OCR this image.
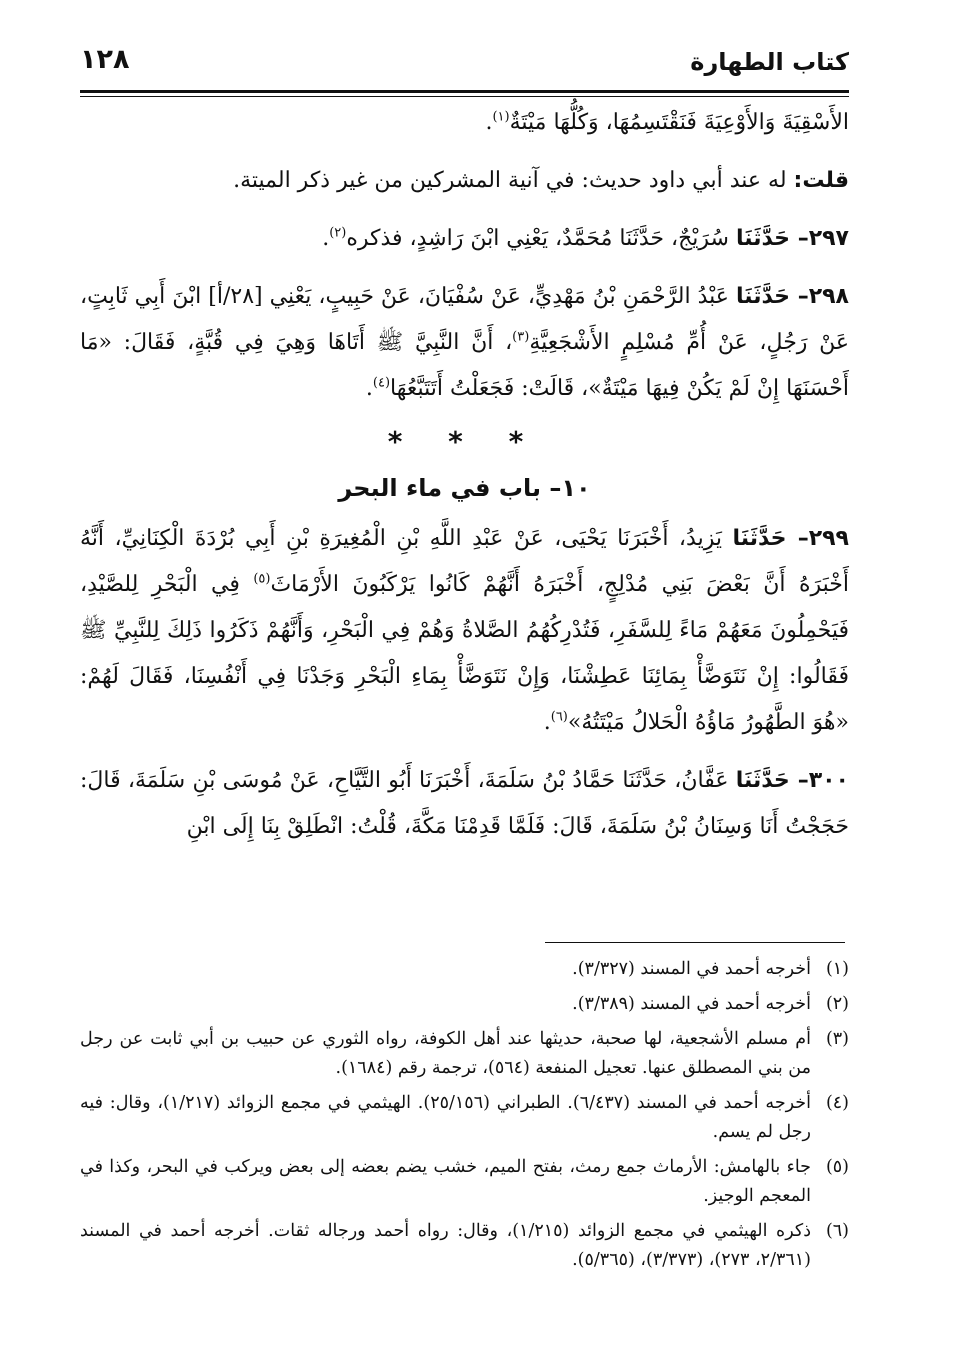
كتاب الطهارة
١٢٨

الأَسْقِيَةَ وَالأَوْعِيَةَ فَنَقْتَسِمُهَا، وَكُلُّهَا مَيْتَةٌ$^{(١)}$.

قلت: له عند أبي داود حديث: في آنية المشركين من غير ذكر الميتة.

٢٩٧– حَدَّثَنَا سُرَيْجٌ، حَدَّثَنَا مُحَمَّدٌ، يَعْنِي ابْنَ رَاشِدٍ، فذكره$^{(٢)}$.

٢٩٨– حَدَّثَنَا عَبْدُ الرَّحْمَنِ بْنُ مَهْدِيٍّ، عَنْ سُفْيَانَ، عَنْ حَبِيبٍ، يَعْنِي [٢٨/أ] ابْنَ أَبِي ثَابِتٍ، عَنْ رَجُلٍ، عَنْ أُمِّ مُسْلِمٍ الأَشْجَعِيَّةِ$^{(٣)}$، أَنَّ النَّبِيَّ ﷺ أَتَاهَا وَهِيَ فِي قُبَّةٍ، فَقَالَ: «مَا أَحْسَنَهَا إِنْ لَمْ يَكُنْ فِيهَا مَيْتَةٌ»، قَالَتْ: فَجَعَلْتُ أَتَتَبَّعُهَا$^{(٤)}$.

* * *
١٠– باب في ماء البحر

٢٩٩– حَدَّثَنَا يَزِيدُ، أَخْبَرَنَا يَحْيَى، عَنْ عَبْدِ اللَّهِ بْنِ الْمُغِيرَةِ بْنِ أَبِي بُرْدَةَ الْكِنَانِيِّ، أَنَّهُ أَخْبَرَهُ أَنَّ بَعْضَ بَنِي مُدْلِجٍ، أَخْبَرَهُ أَنَّهُمْ كَانُوا يَرْكَبُونَ الأَرْمَاثَ$^{(٥)}$ فِي الْبَحْرِ لِلصَّيْدِ، فَيَحْمِلُونَ مَعَهُمْ مَاءً لِلسَّفَرِ، فَتُدْرِكُهُمُ الصَّلاةُ وَهُمْ فِي الْبَحْرِ، وَأَنَّهُمْ ذَكَرُوا ذَلِكَ لِلنَّبِيِّ ﷺ فَقَالُوا: إِنْ نَتَوَضَّأْ بِمَائِنَا عَطِشْنَا، وَإِنْ نَتَوَضَّأْ بِمَاءِ الْبَحْرِ وَجَدْنَا فِي أَنْفُسِنَا، فَقَالَ لَهُمْ: «هُوَ الطَّهُورُ مَاؤُهُ الْحَلالُ مَيْتَتُهُ»$^{(٦)}$.

٣٠٠– حَدَّثَنَا عَفَّانُ، حَدَّثَنَا حَمَّادُ بْنُ سَلَمَةَ، أَخْبَرَنَا أَبُو التَّيَّاحِ، عَنْ مُوسَى بْنِ سَلَمَةَ، قَالَ: حَجَجْتُ أَنَا وَسِنَانُ بْنُ سَلَمَةَ، قَالَ: فَلَمَّا قَدِمْنَا مَكَّةَ، قُلْتُ: انْطَلِقْ بِنَا إِلَى ابْنِ

(١)
أخرجه أحمد في المسند (٣/٣٢٧).
(٢)
أخرجه أحمد في المسند (٣/٣٨٩).
(٣)
أم مسلم الأشجعية، لها صحبة، حديثها عند أهل الكوفة، رواه الثوري عن حبيب بن أبي ثابت عن رجل من بني المصطلق عنها. تعجيل المنفعة (٥٦٤)، ترجمة رقم (١٦٨٤).
(٤)
أخرجه أحمد في المسند (٦/٤٣٧). الطبراني (٢٥/١٥٦). الهيثمي في مجمع الزوائد (١/٢١٧)، وقال: فيه رجل لم يسم.
(٥)
جاء بالهامش: الأرماث جمع رمث، بفتح الميم، خشب يضم بعضه إلى بعض ويركب في البحر، وكذا في المعجم الوجيز.
(٦)
ذكره الهيثمي في مجمع الزوائد (١/٢١٥)، وقال: رواه أحمد ورجاله ثقات. أخرجه أحمد في المسند (٢/٣٦١، ٢٧٣)، (٣/٣٧٣)، (٥/٣٦٥).
